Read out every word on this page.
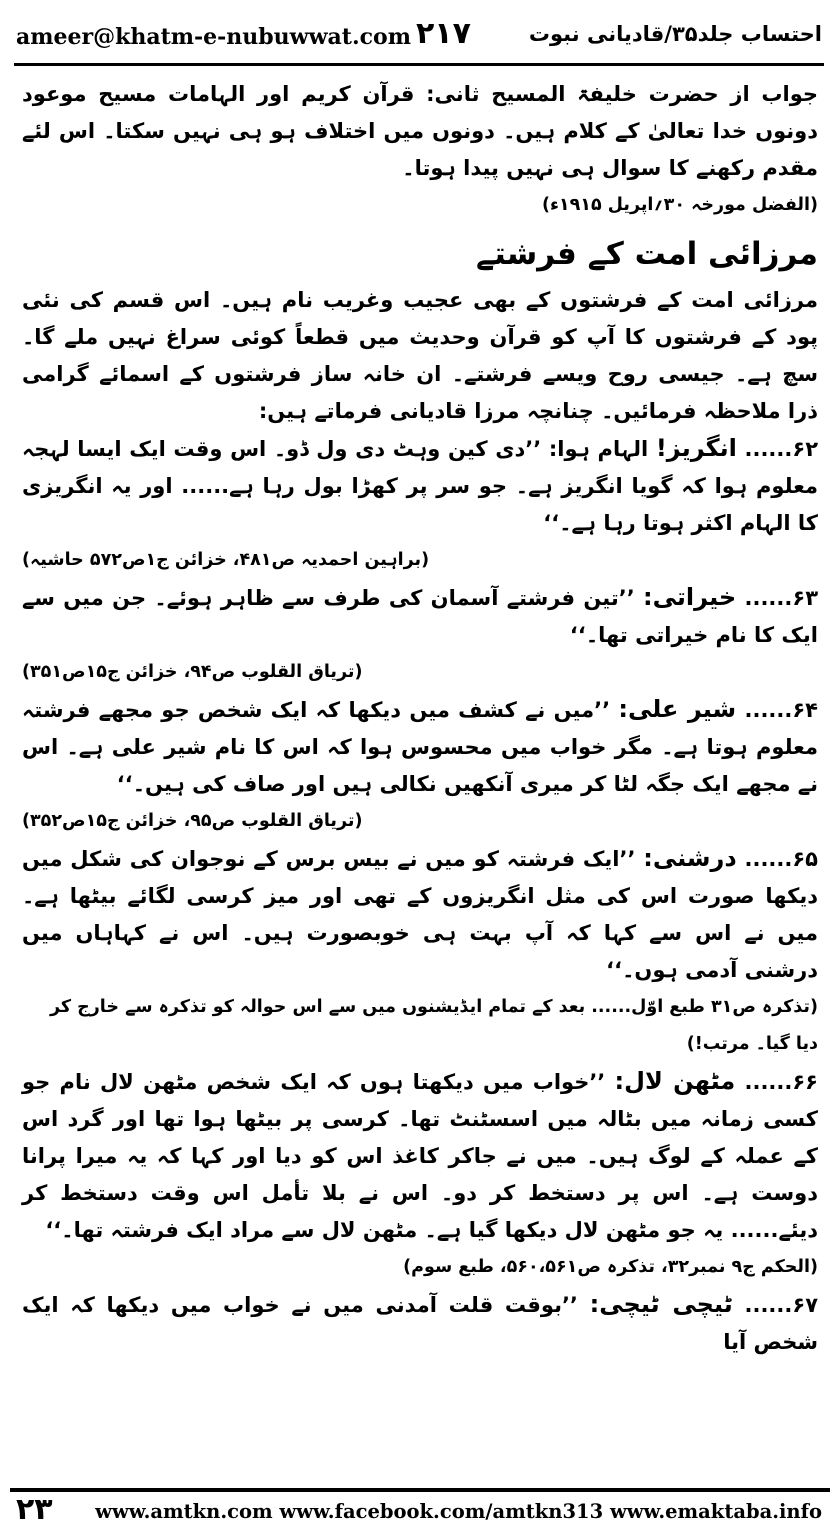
ameer@khatm-e-nubuwwat.com ۲۱۷	احتساب جلد۳۵/قادیانی نبوت

جواب از حضرت خلیفۃ المسیح ثانی: قرآن کریم اور الہامات مسیح موعود دونوں خدا تعالیٰ کے کلام ہیں۔ دونوں میں اختلاف ہو ہی نہیں سکتا۔ اس لئے مقدم رکھنے کا سوال ہی نہیں پیدا ہوتا۔

(الفضل مورخہ ۳۰؍اپریل ۱۹۱۵ء)

مرزائی امت کے فرشتے

مرزائی امت کے فرشتوں کے بھی عجیب وغریب نام ہیں۔ اس قسم کی نئی پود کے فرشتوں کا آپ کو قرآن وحدیث میں قطعاً کوئی سراغ نہیں ملے گا۔ سچ ہے۔ جیسی روح ویسے فرشتے۔ ان خانہ ساز فرشتوں کے اسمائے گرامی ذرا ملاحظہ فرمائیں۔ چنانچہ مرزا قادیانی فرماتے ہیں:

۶۲...... انگریز! الہام ہوا: ’’دی کین وہٹ دی ول ڈو۔ اس وقت ایک ایسا لہجہ معلوم ہوا کہ گویا انگریز ہے۔ جو سر پر کھڑا بول رہا ہے...... اور یہ انگریزی کا الہام اکثر ہوتا رہا ہے۔‘‘

(براہین احمدیہ ص۴۸۱، خزائن ج۱ص۵۷۲ حاشیہ)

۶۳...... خیراتی: ’’تین فرشتے آسمان کی طرف سے ظاہر ہوئے۔ جن میں سے ایک کا نام خیراتی تھا۔‘‘

(تریاق القلوب ص۹۴، خزائن ج۱۵ص۳۵۱)

۶۴...... شیر علی: ’’میں نے کشف میں دیکھا کہ ایک شخص جو مجھے فرشتہ معلوم ہوتا ہے۔ مگر خواب میں محسوس ہوا کہ اس کا نام شیر علی ہے۔ اس نے مجھے ایک جگہ لٹا کر میری آنکھیں نکالی ہیں اور صاف کی ہیں۔‘‘

(تریاق القلوب ص۹۵، خزائن ج۱۵ص۳۵۲)

۶۵...... درشنی: ’’ایک فرشتہ کو میں نے بیس برس کے نوجوان کی شکل میں دیکھا صورت اس کی مثل انگریزوں کے تھی اور میز کرسی لگائے بیٹھا ہے۔ میں نے اس سے کہا کہ آپ بہت ہی خوبصورت ہیں۔ اس نے کہاہاں میں درشنی آدمی ہوں۔‘‘

(تذکرہ ص۳۱ طبع اوّل...... بعد کے تمام ایڈیشنوں میں سے اس حوالہ کو تذکرہ سے خارج کر دیا گیا۔ مرتب!)

۶۶...... مٹھن لال: ’’خواب میں دیکھتا ہوں کہ ایک شخص مٹھن لال نام جو کسی زمانہ میں بٹالہ میں اسسٹنٹ تھا۔ کرسی پر بیٹھا ہوا تھا اور گرد اس کے عملہ کے لوگ ہیں۔ میں نے جاکر کاغذ اس کو دیا اور کہا کہ یہ میرا پرانا دوست ہے۔ اس پر دستخط کر دو۔ اس نے بلا تأمل اس وقت دستخط کر دیئے...... یہ جو مٹھن لال دیکھا گیا ہے۔ مٹھن لال سے مراد ایک فرشتہ تھا۔‘‘

(الحکم ج۹ نمبر۳۲، تذکرہ ص۵۶۰،۵۶۱، طبع سوم)

۶۷...... ٹیچی ٹیچی: ’’بوقت قلت آمدنی میں نے خواب میں دیکھا کہ ایک شخص آیا

۲۳ www.amtkn.com www.facebook.com/amtkn313 www.emaktaba.info
